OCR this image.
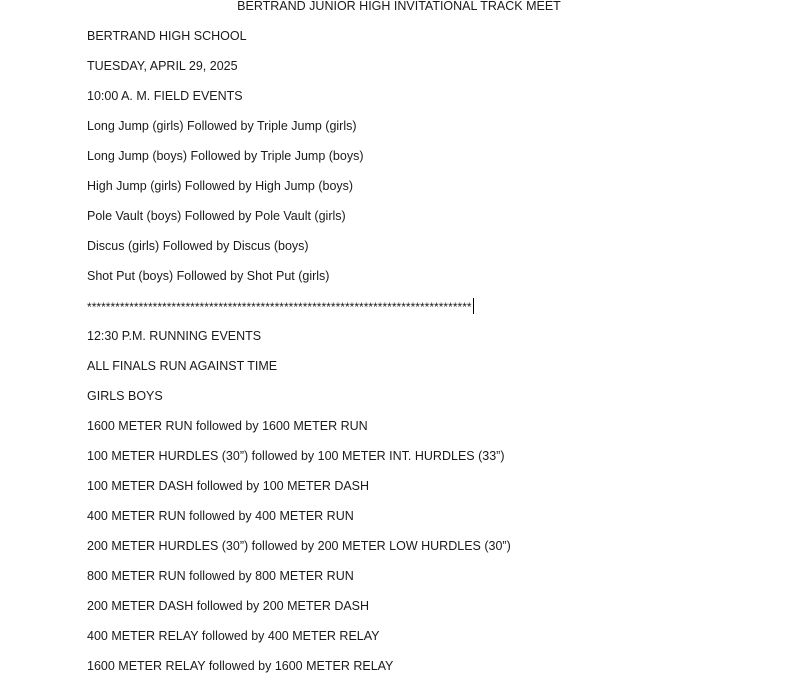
BERTRAND JUNIOR HIGH INVITATIONAL TRACK MEET
BERTRAND HIGH SCHOOL
TUESDAY, APRIL 29, 2025
10:00 A. M. FIELD EVENTS
Long Jump (girls) Followed by Triple Jump (girls)
Long Jump (boys) Followed by Triple Jump (boys)
High Jump (girls) Followed by High Jump (boys)
Pole Vault (boys) Followed by Pole Vault (girls)
Discus (girls) Followed by Discus (boys)
Shot Put (boys) Followed by Shot Put (girls)
**********************************************************************************
12:30 P.M. RUNNING EVENTS
ALL FINALS RUN AGAINST TIME
GIRLS BOYS
1600 METER RUN followed by 1600 METER RUN
100 METER HURDLES (30”) followed by 100 METER INT. HURDLES (33”)
100 METER DASH followed by 100 METER DASH
400 METER RUN followed by 400 METER RUN
200 METER HURDLES (30”) followed by 200 METER LOW HURDLES (30”)
800 METER RUN followed by 800 METER RUN
200 METER DASH followed by 200 METER DASH
400 METER RELAY followed by 400 METER RELAY
1600 METER RELAY followed by 1600 METER RELAY
